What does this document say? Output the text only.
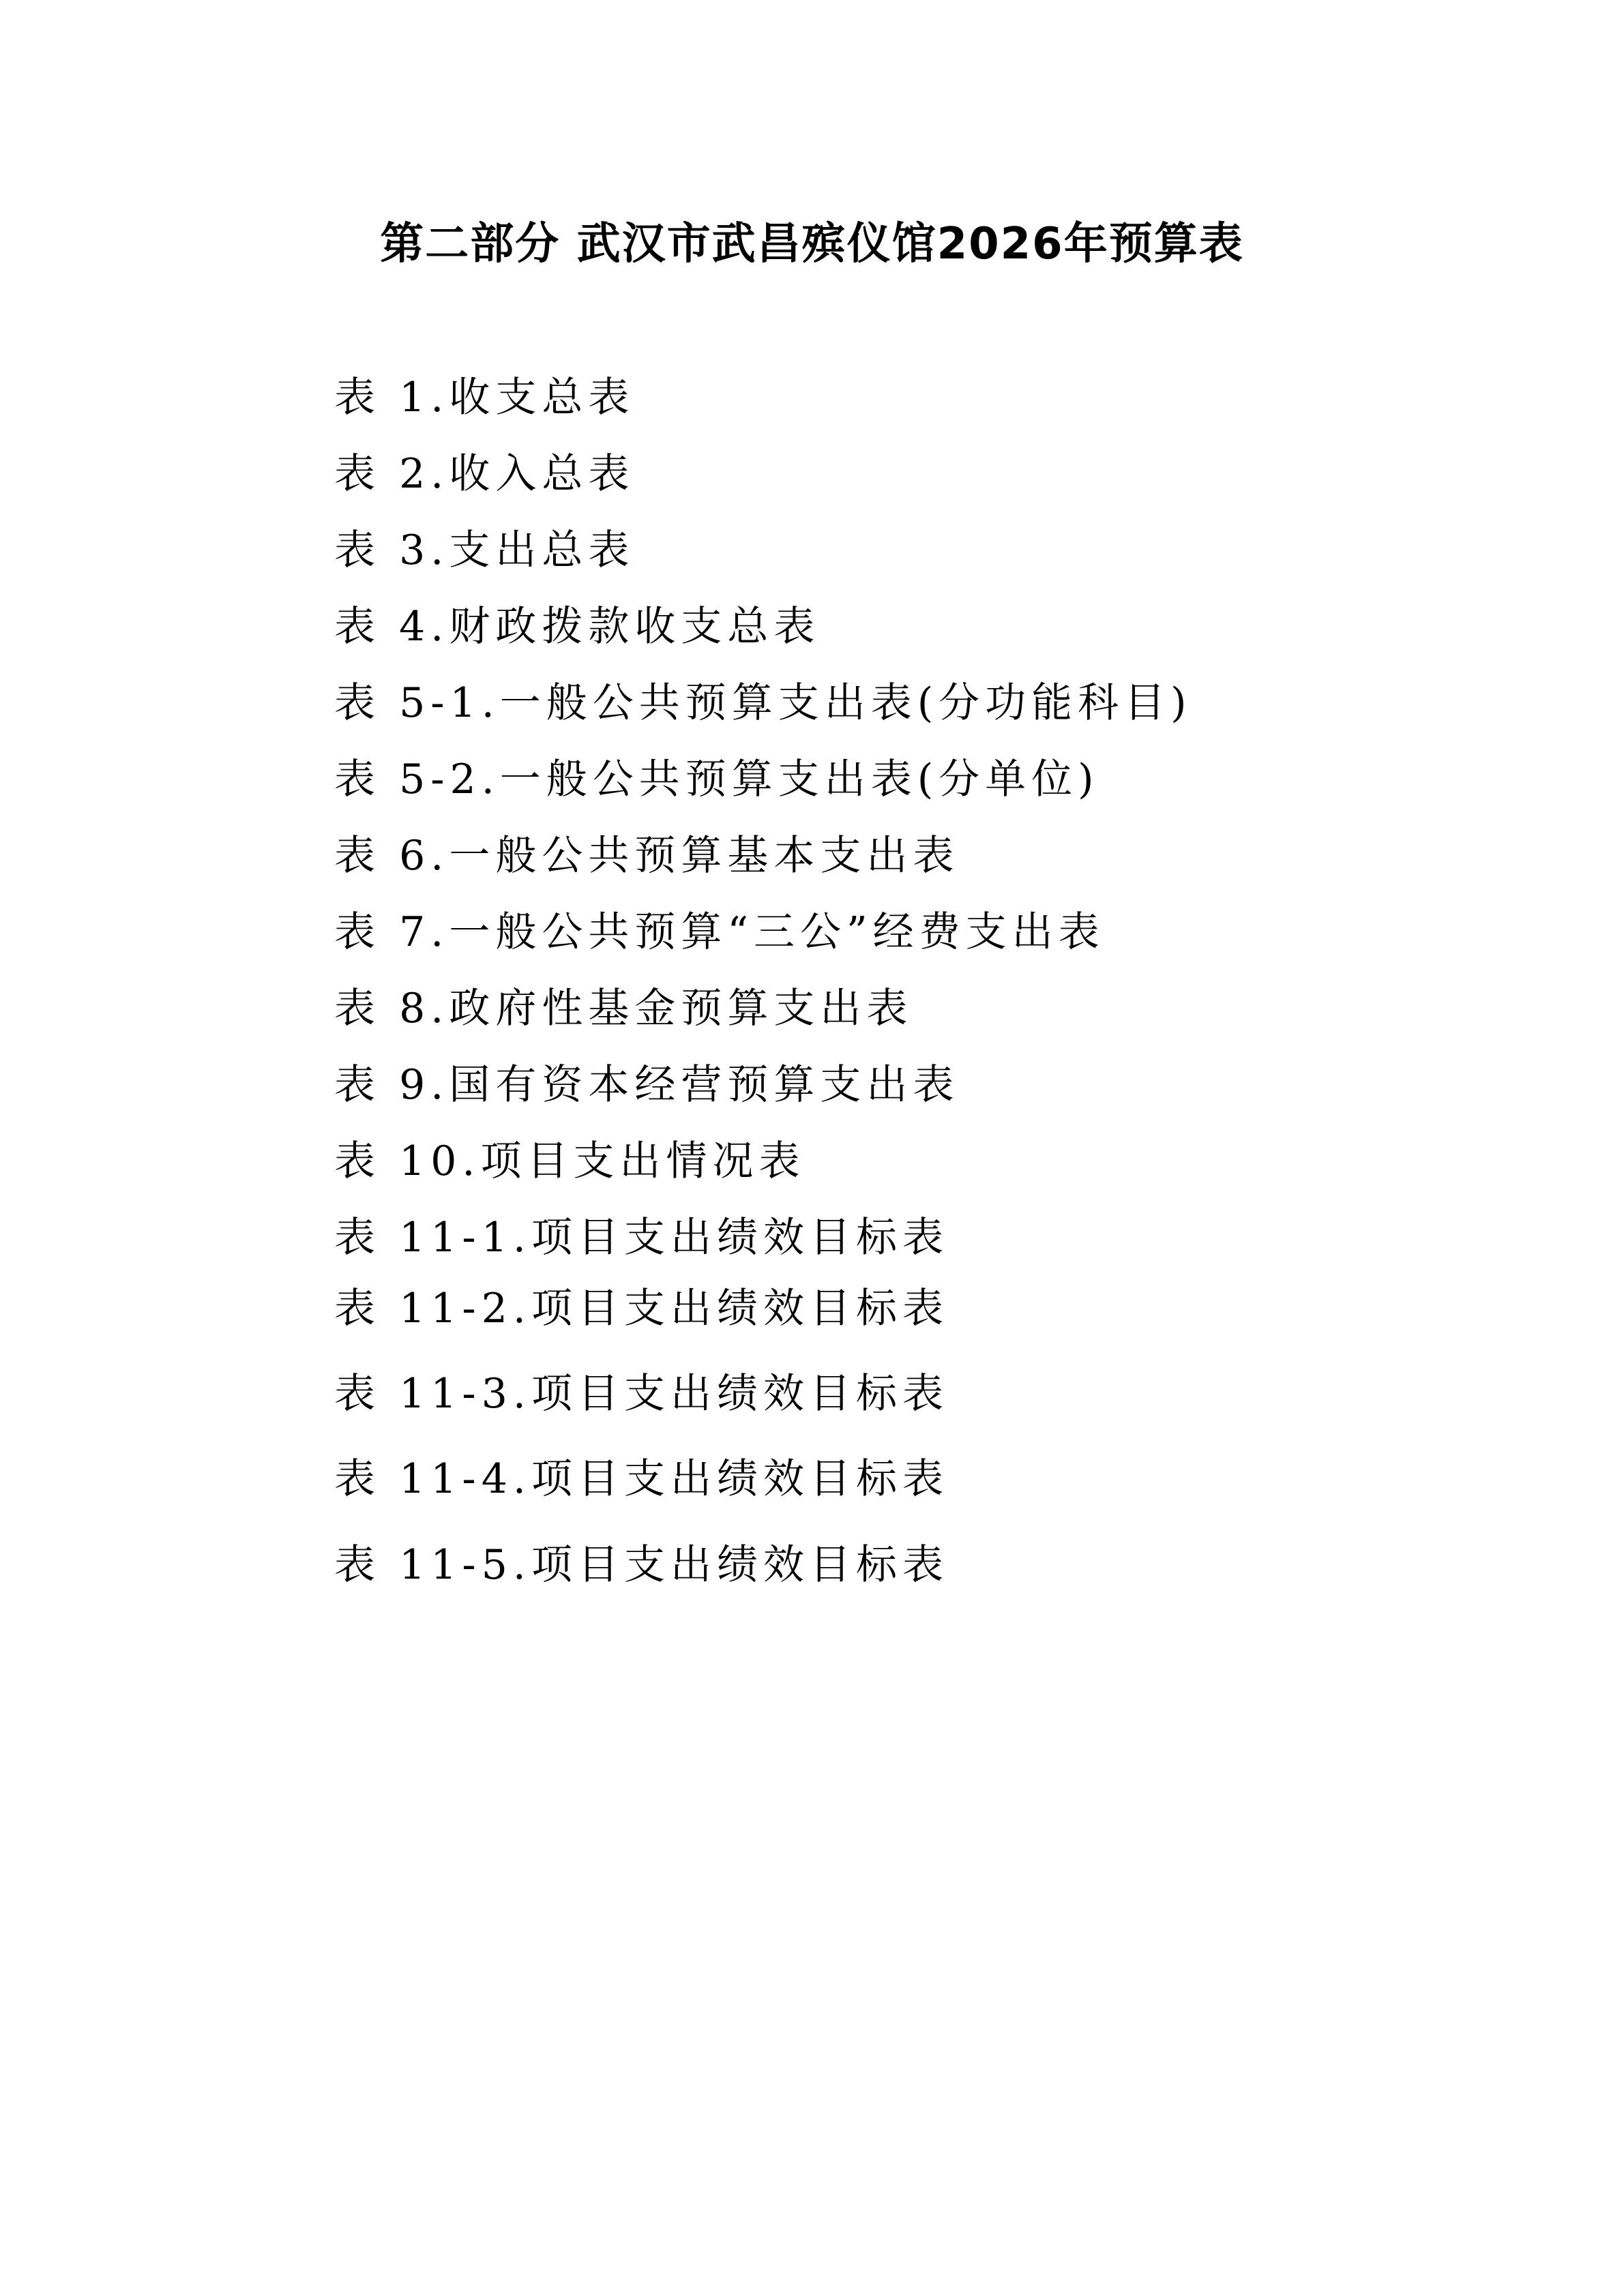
第二部分 武汉市武昌殡仪馆2026年预算表
表 1.收支总表
表 2.收入总表
表 3.支出总表
表 4.财政拨款收支总表
表 5-1.一般公共预算支出表(分功能科目)
表 5-2.一般公共预算支出表(分单位)
表 6.一般公共预算基本支出表
表 7.一般公共预算“三公”经费支出表
表 8.政府性基金预算支出表
表 9.国有资本经营预算支出表
表 10.项目支出情况表
表 11-1.项目支出绩效目标表
表 11-2.项目支出绩效目标表
表 11-3.项目支出绩效目标表
表 11-4.项目支出绩效目标表
表 11-5.项目支出绩效目标表
